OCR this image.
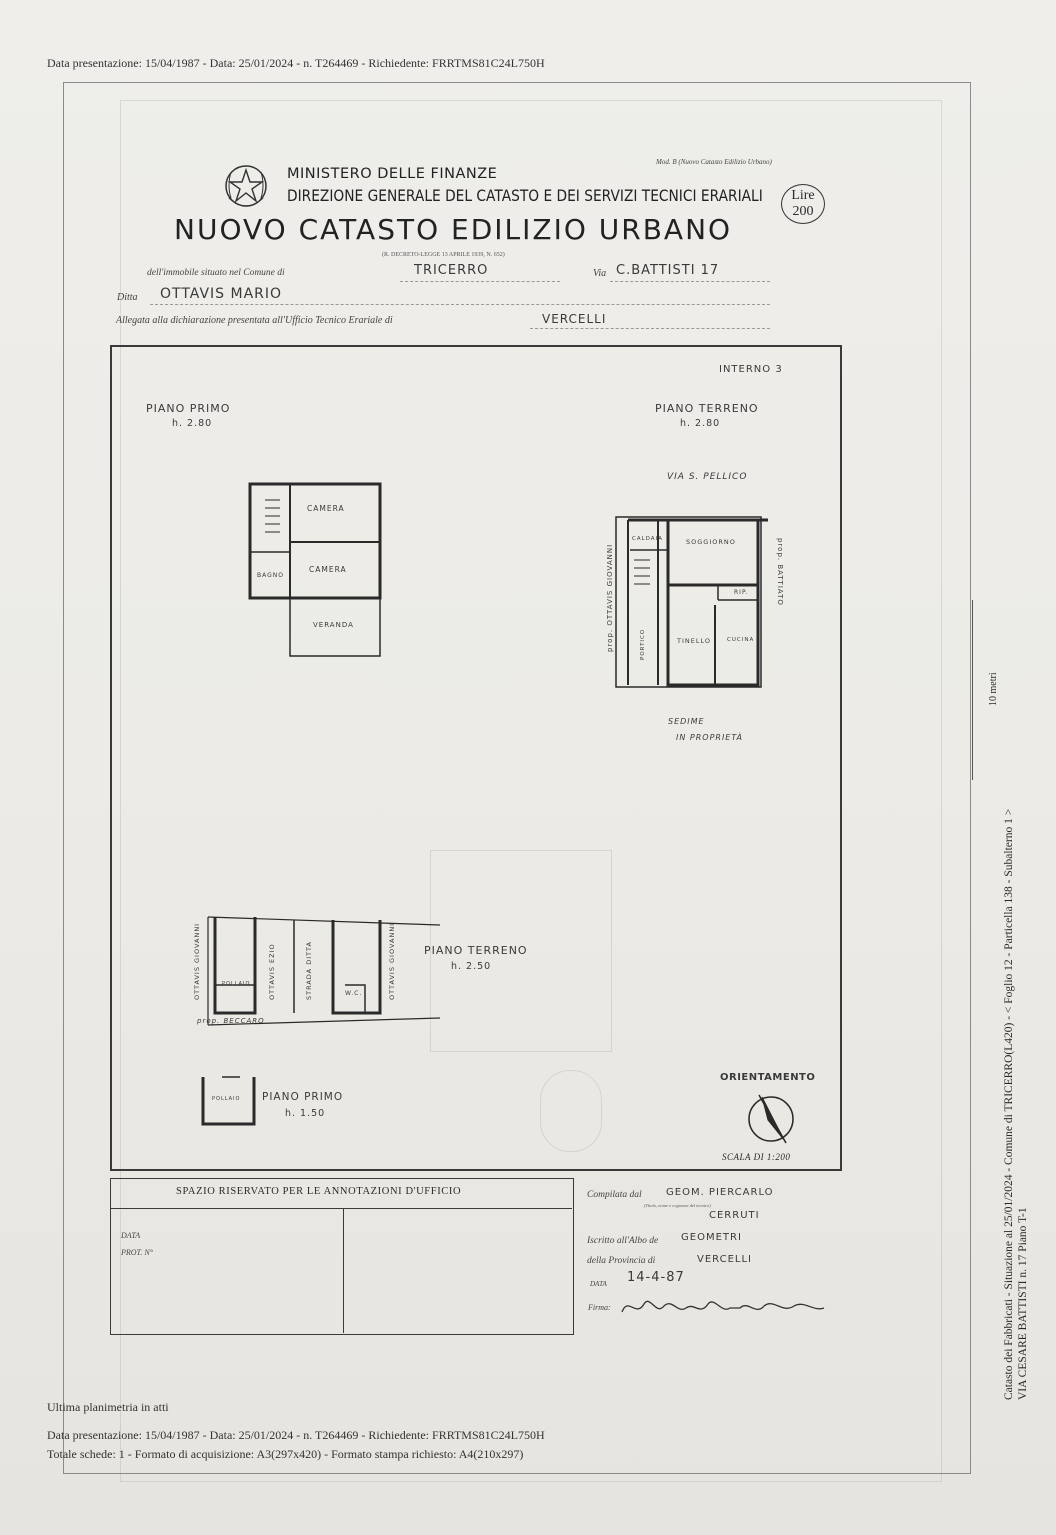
Data presentazione: 15/04/1987 - Data: 25/01/2024 - n. T264469 - Richiedente: FRRTMS81C24L750H
Mod. B (Nuovo Catasto Edilizio Urbano)
MINISTERO DELLE FINANZE
DIREZIONE GENERALE DEL CATASTO E DEI SERVIZI TECNICI ERARIALI
NUOVO CATASTO EDILIZIO URBANO
(R. DECRETO-LEGGE 13 APRILE 1939, N. 652)
Lire
200
dell'immobile situato nel Comune di	TRICERRO	Via C.BATTISTI 17
Ditta OTTAVIS MARIO
Allegata alla dichiarazione presentata all'Ufficio Tecnico Erariale di	VERCELLI
INTERNO 3
PIANO PRIMO
h. 2.80
PIANO TERRENO
h. 2.80
VIA S. PELLICO
CAMERA
CAMERA
BAGNO
VERANDA
CALDAIA	SOGGIORNO
RIP.
TINELLO	CUCINA
PORTICO
prop. OTTAVIS GIOVANNI	prop. BATTIATO
SEDIME
IN PROPRIETÀ
OTTAVIS GIOVANNI	OTTAVIS EZIO	STRADA DITTA	OTTAVIS GIOVANNI
POLLAIO
W.C.
prop. BECCARO
PIANO TERRENO
h. 2.50
POLLAIO PIANO PRIMO
h. 1.50
ORIENTAMENTO
SCALA DI 1:200
SPAZIO RISERVATO PER LE ANNOTAZIONI D'UFFICIO
DATA
PROT. N°
Compilata dal GEOM. PIERCARLO
(Titolo, nome e cognome del tecnico)
CERRUTI
Iscritto all'Albo de GEOMETRI
della Provincia di	VERCELLI
DATA 14-4-87
Firma:	Catasto dei Fabbricati - Situazione al 25/01/2024 - Comune di TRICERRO(L420) - < Foglio 12 - Particella 138 - Subalterno 1 > VIA CESARE BATTISTI n. 17 Piano T-1
10 metri
Ultima planimetria in atti
Data presentazione: 15/04/1987 - Data: 25/01/2024 - n. T264469 - Richiedente: FRRTMS81C24L750H
Totale schede: 1 - Formato di acquisizione: A3(297x420) - Formato stampa richiesto: A4(210x297)
